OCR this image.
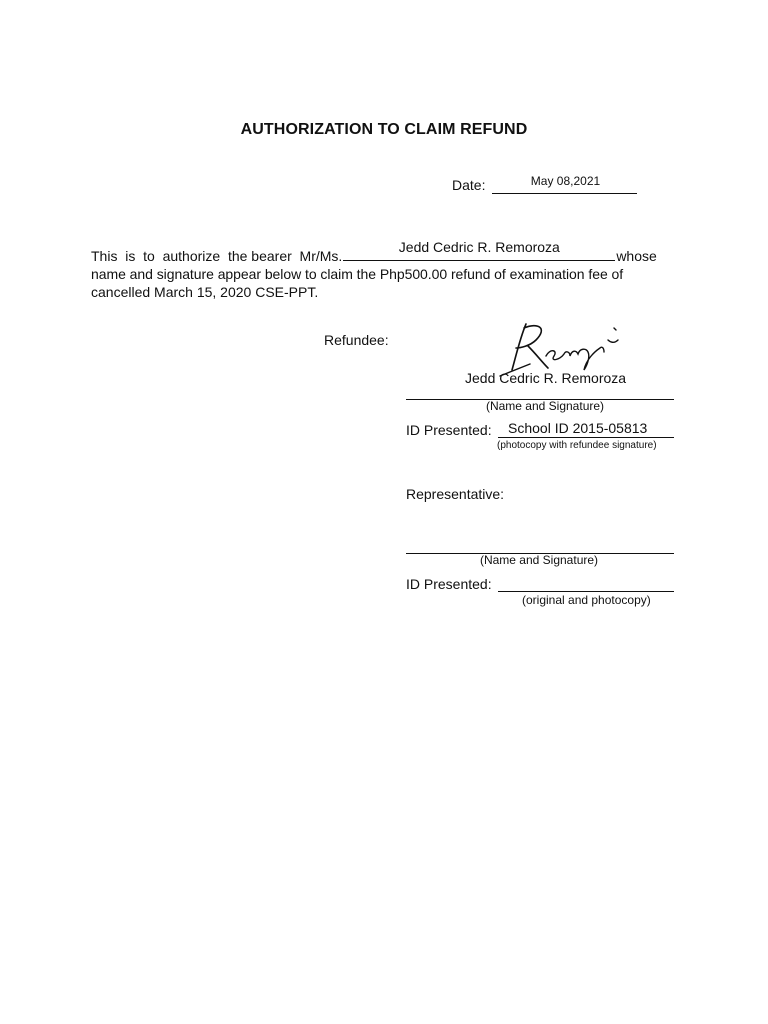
AUTHORIZATION TO CLAIM REFUND
Date:	May 08,2021
This  is  to  authorize  the bearer  Mr/Ms.
Jedd Cedric R. Remoroza
whose
name and signature appear below to claim the Php500.00 refund of examination fee of
cancelled March 15, 2020 CSE-PPT.
Refundee:
Jedd Cedric R. Remoroza
(Name and Signature)
ID Presented: School ID 2015-05813
(photocopy with refundee signature)
Representative:
(Name and Signature)
ID Presented:
(original and photocopy)
